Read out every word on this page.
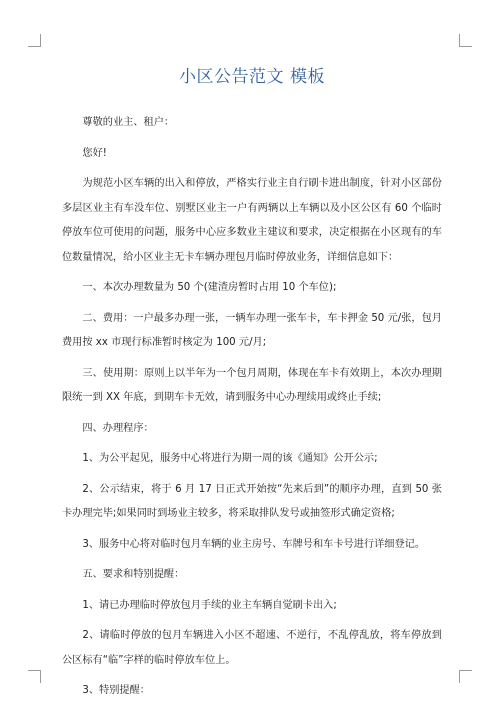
小区公告范文 模板

尊敬的业主、租户：

您好!

为规范小区车辆的出入和停放，严格实行业主自行刷卡进出制度，针对小区部份多层区业主有车没车位、别墅区业主一户有两辆以上车辆以及小区公区有 60 个临时停放车位可使用的问题，服务中心应多数业主建议和要求，决定根据在小区现有的车位数量情况，给小区业主无卡车辆办理包月临时停放业务，详细信息如下：

一、本次办理数量为 50 个(建渣房暂时占用 10 个车位);

二、费用：一户最多办理一张，一辆车办理一张车卡，车卡押金 50 元/张，包月费用按 xx 市现行标准暂时核定为 100 元/月;

三、使用期：原则上以半年为一个包月周期，体现在车卡有效期上，本次办理期限统一到 XX 年底，到期车卡无效，请到服务中心办理续用或终止手续;

四、办理程序：

1、为公平起见，服务中心将进行为期一周的该《通知》公开公示;

2、公示结束，将于 6 月 17 日正式开始按“先来后到”的顺序办理，直到 50 张卡办理完毕;如果同时到场业主较多，将采取排队发号或抽签形式确定资格;

3、服务中心将对临时包月车辆的业主房号、车牌号和车卡号进行详细登记。

五、要求和特别提醒：

1、请已办理临时停放包月手续的业主车辆自觉刷卡出入;

2、请临时停放的包月车辆进入小区不超速、不逆行，不乱停乱放，将车停放到公区标有“临”字样的临时停放车位上。

3、特别提醒：
